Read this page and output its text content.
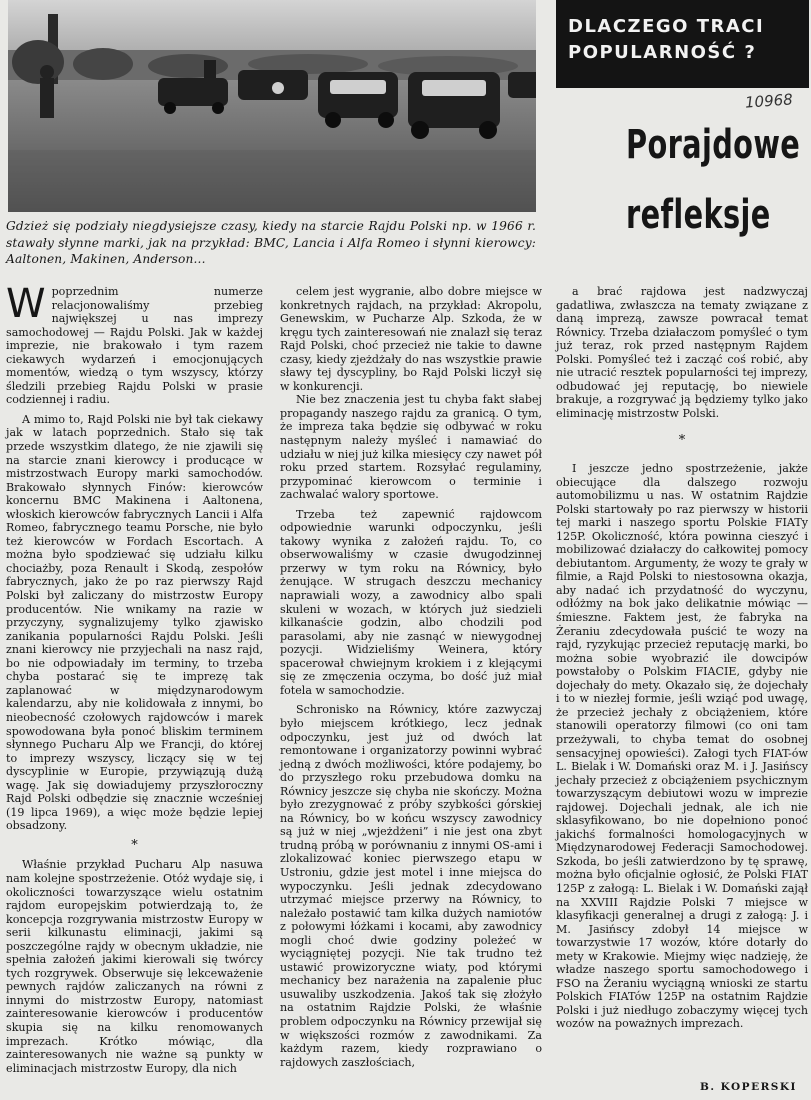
Gdzież się podziały niegdysiejsze czasy, kiedy na starcie Rajdu Polski np. w 1966 r. stawały słynne marki, jak na przykład: BMC, Lancia i Alfa Romeo i słynni kierowcy: Aaltonen, Makinen, Anderson...
DLACZEGO TRACI
POPULARNOŚĆ ?
10968
Porajdowe
refleksje

Wpoprzednim numerze relacjonowaliśmy przebieg największej u nas imprezy samochodowej — Rajdu Polski. Jak w każdej imprezie, nie brakowało i tym razem ciekawych wydarzeń i emocjonujących momentów, wiedzą o tym wszyscy, którzy śledzili przebieg Rajdu Polski w prasie codziennej i radiu.

A mimo to, Rajd Polski nie był tak ciekawy jak w latach poprzednich. Stało się tak przede wszystkim dlatego, że nie zjawili się na starcie znani kierowcy i producące w mistrzostwach Europy marki samochodów. Brakowało słynnych Finów: kierowców koncernu BMC Makinena i Aaltonena, włoskich kierowców fabrycznych Lancii i Alfa Romeo, fabrycznego teamu Porsche, nie było też kierowców w Fordach Escortach. A można było spodziewać się udziału kilku chociażby, poza Renault i Skodą, zespołów fabrycznych, jako że po raz pierwszy Rajd Polski był zaliczany do mistrzostw Europy producentów. Nie wnikamy na razie w przyczyny, sygnalizujemy tylko zjawisko zanikania popularności Rajdu Polski. Jeśli znani kierowcy nie przyjechali na nasz rajd, bo nie odpowiadały im terminy, to trzeba chyba postarać się te imprezę tak zaplanować w międzynarodowym kalendarzu, aby nie kolidowała z innymi, bo nieobecność czołowych rajdowców i marek spowodowana była ponoć bliskim terminem słynnego Pucharu Alp we Francji, do której to imprezy wszyscy, liczący się w tej dyscyplinie w Europie, przywiązują dużą wagę. Jak się dowiadujemy przyszłoroczny Rajd Polski odbędzie się znacznie wcześniej (19 lipca 1969), a więc może będzie lepiej obsadzony.

*

Właśnie przykład Pucharu Alp nasuwa nam kolejne spostrzeżenie. Otóż wydaje się, i okoliczności towarzyszące wielu ostatnim rajdom europejskim potwierdzają to, że koncepcja rozgrywania mistrzostw Europy w serii kilkunastu eliminacji, jakimi są poszczególne rajdy w obecnym układzie, nie spełnia założeń jakimi kierowali się twórcy tych rozgrywek. Obserwuje się lekceważenie pewnych rajdów zaliczanych na równi z innymi do mistrzostw Europy, natomiast zainteresowanie kierowców i producentów skupia się na kilku renomowanych imprezach. Krótko mówiąc, dla zainteresowanych nie ważne są punkty w eliminacjach mistrzostw Europy, dla nich

celem jest wygranie, albo dobre miejsce w konkretnych rajdach, na przykład: Akropolu, Genewskim, w Pucharze Alp. Szkoda, że w kręgu tych zainteresowań nie znalazł się teraz Rajd Polski, choć przecież nie takie to dawne czasy, kiedy zjeżdżały do nas wszystkie prawie sławy tej dyscypliny, bo Rajd Polski liczył się w konkurencji.

Nie bez znaczenia jest tu chyba fakt słabej propagandy naszego rajdu za granicą. O tym, że impreza taka będzie się odbywać w roku następnym należy myśleć i namawiać do udziału w niej już kilka miesięcy czy nawet pół roku przed startem. Rozsyłać regulaminy, przypominać kierowcom o terminie i zachwalać walory sportowe.

Trzeba też zapewnić rajdowcom odpowiednie warunki odpoczynku, jeśli takowy wynika z założeń rajdu. To, co obserwowaliśmy w czasie dwugodzinnej przerwy w tym roku na Równicy, było żenujące. W strugach deszczu mechanicy naprawiali wozy, a zawodnicy albo spali skuleni w wozach, w których już siedzieli kilkanaście godzin, albo chodzili pod parasolami, aby nie zasnąć w niewygodnej pozycji. Widzieliśmy Weinera, który spacerował chwiejnym krokiem i z klejącymi się ze zmęczenia oczyma, bo dość już miał fotela w samochodzie.

Schronisko na Równicy, które zazwyczaj było miejscem krótkiego, lecz jednak odpoczynku, jest już od dwóch lat remontowane i organizatorzy powinni wybrać jedną z dwóch możliwości, które podajemy, bo do przyszłego roku przebudowa domku na Równicy jeszcze się chyba nie skończy. Można było zrezygnować z próby szybkości górskiej na Równicy, bo w końcu wszyscy zawodnicy są już w niej „wjeżdżeni” i nie jest ona zbyt trudną próbą w porównaniu z innymi OS-ami i zlokalizować koniec pierwszego etapu w Ustroniu, gdzie jest motel i inne miejsca do wypoczynku. Jeśli jednak zdecydowano utrzymać miejsce przerwy na Równicy, to należało postawić tam kilka dużych namiotów z połowymi łóżkami i kocami, aby zawodnicy mogli choć dwie godziny poleżeć w wyciągniętej pozycji. Nie tak trudno też ustawić prowizoryczne wiaty, pod którymi mechanicy bez narażenia na zapalenie płuc usuwaliby uszkodzenia. Jakoś tak się złożyło na ostatnim Rajdzie Polski, że właśnie problem odpoczynku na Równicy przewijał się w większości rozmów z zawodnikami. Za każdym razem, kiedy rozprawiano o rajdowych zaszłościach,

a brać rajdowa jest nadzwyczaj gadatliwa, zwłaszcza na tematy związane z daną imprezą, zawsze powracał temat Równicy. Trzeba działaczom pomyśleć o tym już teraz, rok przed następnym Rajdem Polski. Pomyśleć też i zacząć coś robić, aby nie utracić resztek popularności tej imprezy, odbudować jej reputację, bo niewiele brakuje, a rozgrywać ją będziemy tylko jako eliminację mistrzostw Polski.

*

I jeszcze jedno spostrzeżenie, jakże obiecujące dla dalszego rozwoju automobilizmu u nas. W ostatnim Rajdzie Polski startowały po raz pierwszy w historii tej marki i naszego sportu Polskie FIATy 125P. Okoliczność, która powinna cieszyć i mobilizować działaczy do całkowitej pomocy debiutantom. Argumenty, że wozy te grały w filmie, a Rajd Polski to niestosowna okazja, aby nadać ich przydatność do wyczynu, odłóżmy na bok jako delikatnie mówiąc — śmieszne. Faktem jest, że fabryka na Żeraniu zdecydowała puścić te wozy na rajd, ryzykując przecież reputację marki, bo można sobie wyobrazić ile dowcipów powstałoby o Polskim FIACIE, gdyby nie dojechały do mety. Okazało się, że dojechały i to w niezłej formie, jeśli wziąć pod uwagę, że przecież jechały z obciążeniem, które stanowili operatorzy filmowi (co oni tam przeżywali, to chyba temat do osobnej sensacyjnej opowieści). Załogi tych FIAT-ów L. Bielak i W. Domański oraz M. i J. Jasińscy jechały przecież z obciążeniem psychicznym towarzyszącym debiutowi wozu w imprezie rajdowej. Dojechali jednak, ale ich nie sklasyfikowano, bo nie dopełniono ponoć jakichś formalności homologacyjnych w Międzynarodowej Federacji Samochodowej. Szkoda, bo jeśli zatwierdzono by tę sprawę, można było oficjalnie ogłosić, że Polski FIAT 125P z załogą: L. Bielak i W. Domański zajął na XXVIII Rajdzie Polski 7 miejsce w klasyfikacji generalnej a drugi z załogą: J. i M. Jasińscy zdobył 14 miejsce w towarzystwie 17 wozów, które dotarły do mety w Krakowie. Miejmy więc nadzieję, że władze naszego sportu samochodowego i FSO na Żeraniu wyciągną wnioski ze startu Polskich FIATów 125P na ostatnim Rajdzie Polski i już niedługo zobaczymy więcej tych wozów na poważnych imprezach.

B. KOPERSKI
